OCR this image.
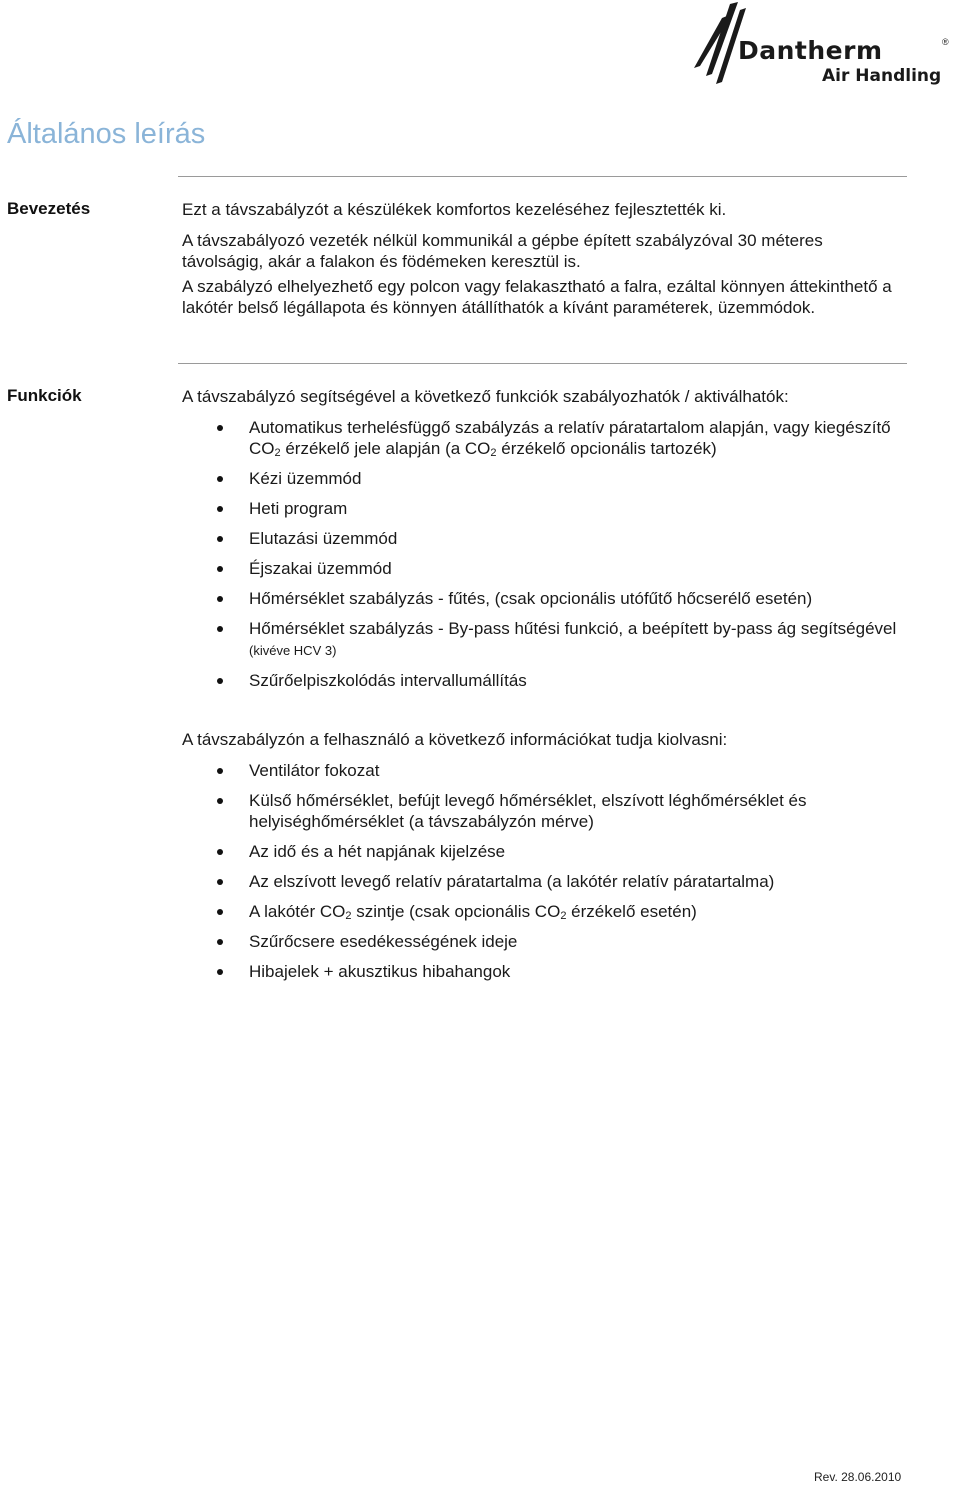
Dantherm	®
Air Handling
Általános leírás
Bevezetés	Ezt a távszabályzót a készülékek komfortos kezeléséhez fejlesztették ki.

A távszabályozó vezeték nélkül kommunikál a gépbe épített szabályzóval 30 méteres távolságig, akár a falakon és födémeken keresztül is.

A szabályzó elhelyezhető egy polcon vagy felakasztható a falra, ezáltal könnyen áttekinthető a lakótér belső légállapota és könnyen átállíthatók a kívánt paraméterek, üzemmódok.

Funkciók	A távszabályzó segítségével a következő funkciók szabályozhatók / aktiválhatók:

Automatikus terhelésfüggő szabályzás a relatív páratartalom alapján, vagy kiegészítő $CO_2$ érzékelő jele alapján (a $CO_2$ érzékelő opcionális tartozék)
Kézi üzemmód
Heti program
Elutazási üzemmód
Éjszakai üzemmód
Hőmérséklet szabályzás - fűtés, (csak opcionális utófűtő hőcserélő esetén)
Hőmérséklet szabályzás - By-pass hűtési funkció, a beépített by-pass ág segítségével (kivéve HCV 3)
Szűrőelpiszkolódás intervallumállítás

A távszabályzón a felhasználó a következő információkat tudja kiolvasni:

Ventilátor fokozat
Külső hőmérséklet, befújt levegő hőmérséklet, elszívott léghőmérséklet és helyiséghőmérséklet (a távszabályzón mérve)
Az idő és a hét napjának kijelzése
Az elszívott levegő relatív páratartalma (a lakótér relatív páratartalma)
A lakótér $CO_2$ szintje (csak opcionális $CO_2$ érzékelő esetén)
Szűrőcsere esedékességének ideje
Hibajelek + akusztikus hibahangok
Rev. 28.06.2010
